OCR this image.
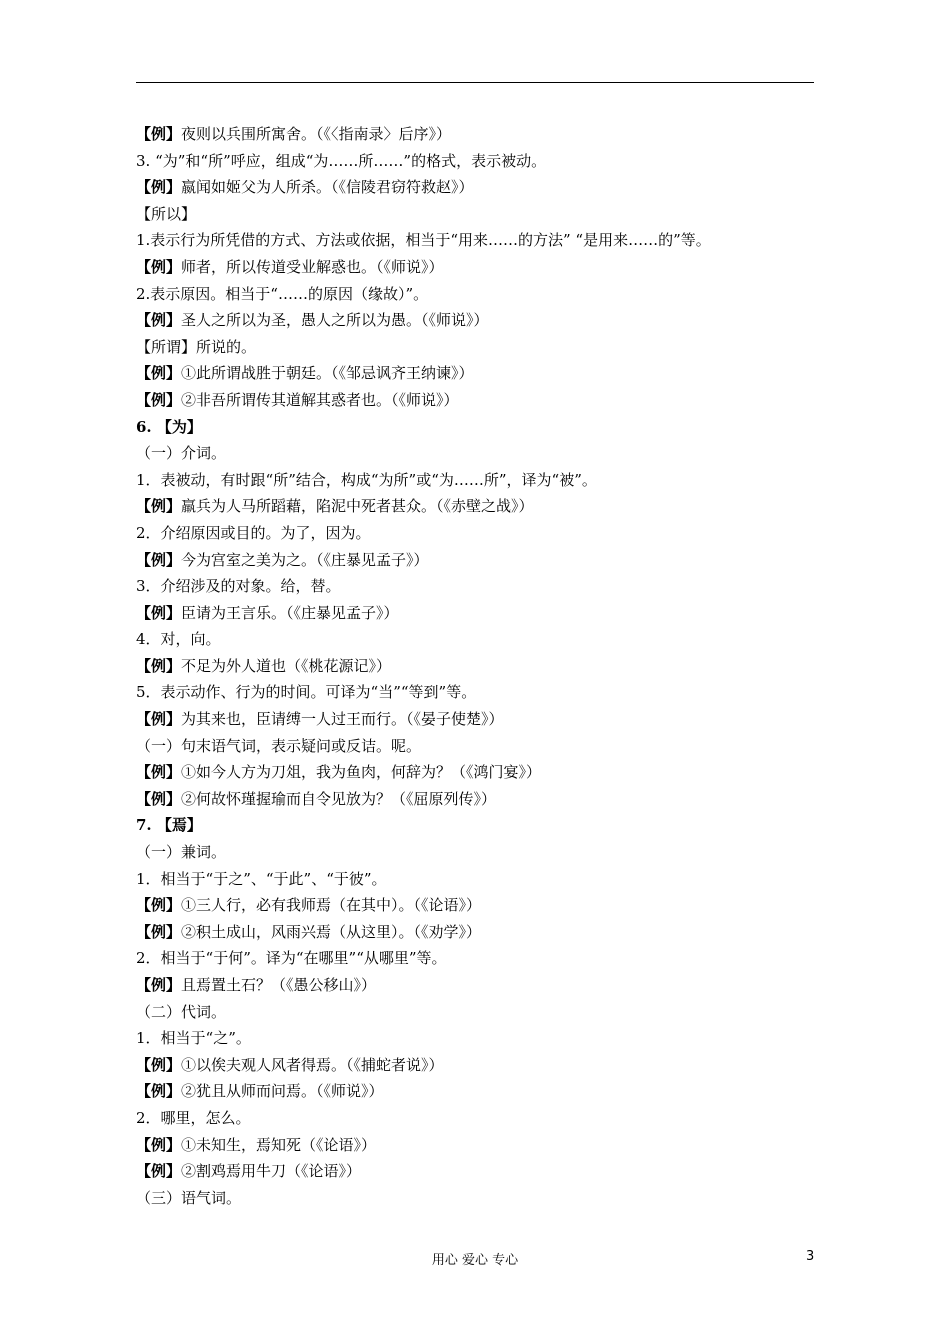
【例】夜则以兵围所寓舍。（《〈指南录〉后序》）
3. “为”和“所”呼应，组成“为……所……”的格式，表示被动。
【例】嬴闻如姬父为人所杀。（《信陵君窃符救赵》）
【所以】
1.表示行为所凭借的方式、方法或依据，相当于“用来……的方法” “是用来……的”等。
【例】师者，所以传道受业解惑也。（《师说》）
2.表示原因。相当于“……的原因（缘故）”。
【例】圣人之所以为圣，愚人之所以为愚。（《师说》）
【所谓】所说的。
【例】①此所谓战胜于朝廷。（《邹忌讽齐王纳谏》）
【例】②非吾所谓传其道解其惑者也。（《师说》）
6. 【为】
（一）介词。
1．表被动，有时跟“所”结合，构成“为所”或“为……所”，译为“被”。
【例】羸兵为人马所蹈藉，陷泥中死者甚众。（《赤壁之战》）
2．介绍原因或目的。为了，因为。
【例】今为宫室之美为之。（《庄暴见孟子》）
3．介绍涉及的对象。给，替。
【例】臣请为王言乐。（《庄暴见孟子》）
4．对，向。
【例】不足为外人道也（《桃花源记》）
5．表示动作、行为的时间。可译为“当”“等到”等。
【例】为其来也，臣请缚一人过王而行。（《晏子使楚》）
（一）句末语气词，表示疑问或反诘。呢。
【例】①如今人方为刀俎，我为鱼肉，何辞为？（《鸿门宴》）
【例】②何故怀瑾握瑜而自令见放为？（《屈原列传》）
7. 【焉】
（一）兼词。
1．相当于“于之”、“于此”、“于彼”。
【例】①三人行，必有我师焉（在其中）。（《论语》）
【例】②积土成山，风雨兴焉（从这里）。（《劝学》）
2．相当于“于何”。译为“在哪里”“从哪里”等。
【例】且焉置土石？（《愚公移山》）
（二）代词。
1．相当于“之”。
【例】①以俟夫观人风者得焉。（《捕蛇者说》）
【例】②犹且从师而问焉。（《师说》）
2．哪里，怎么。
【例】①未知生，焉知死（《论语》）
【例】②割鸡焉用牛刀（《论语》）
（三）语气词。
用心 爱心 专心	3
